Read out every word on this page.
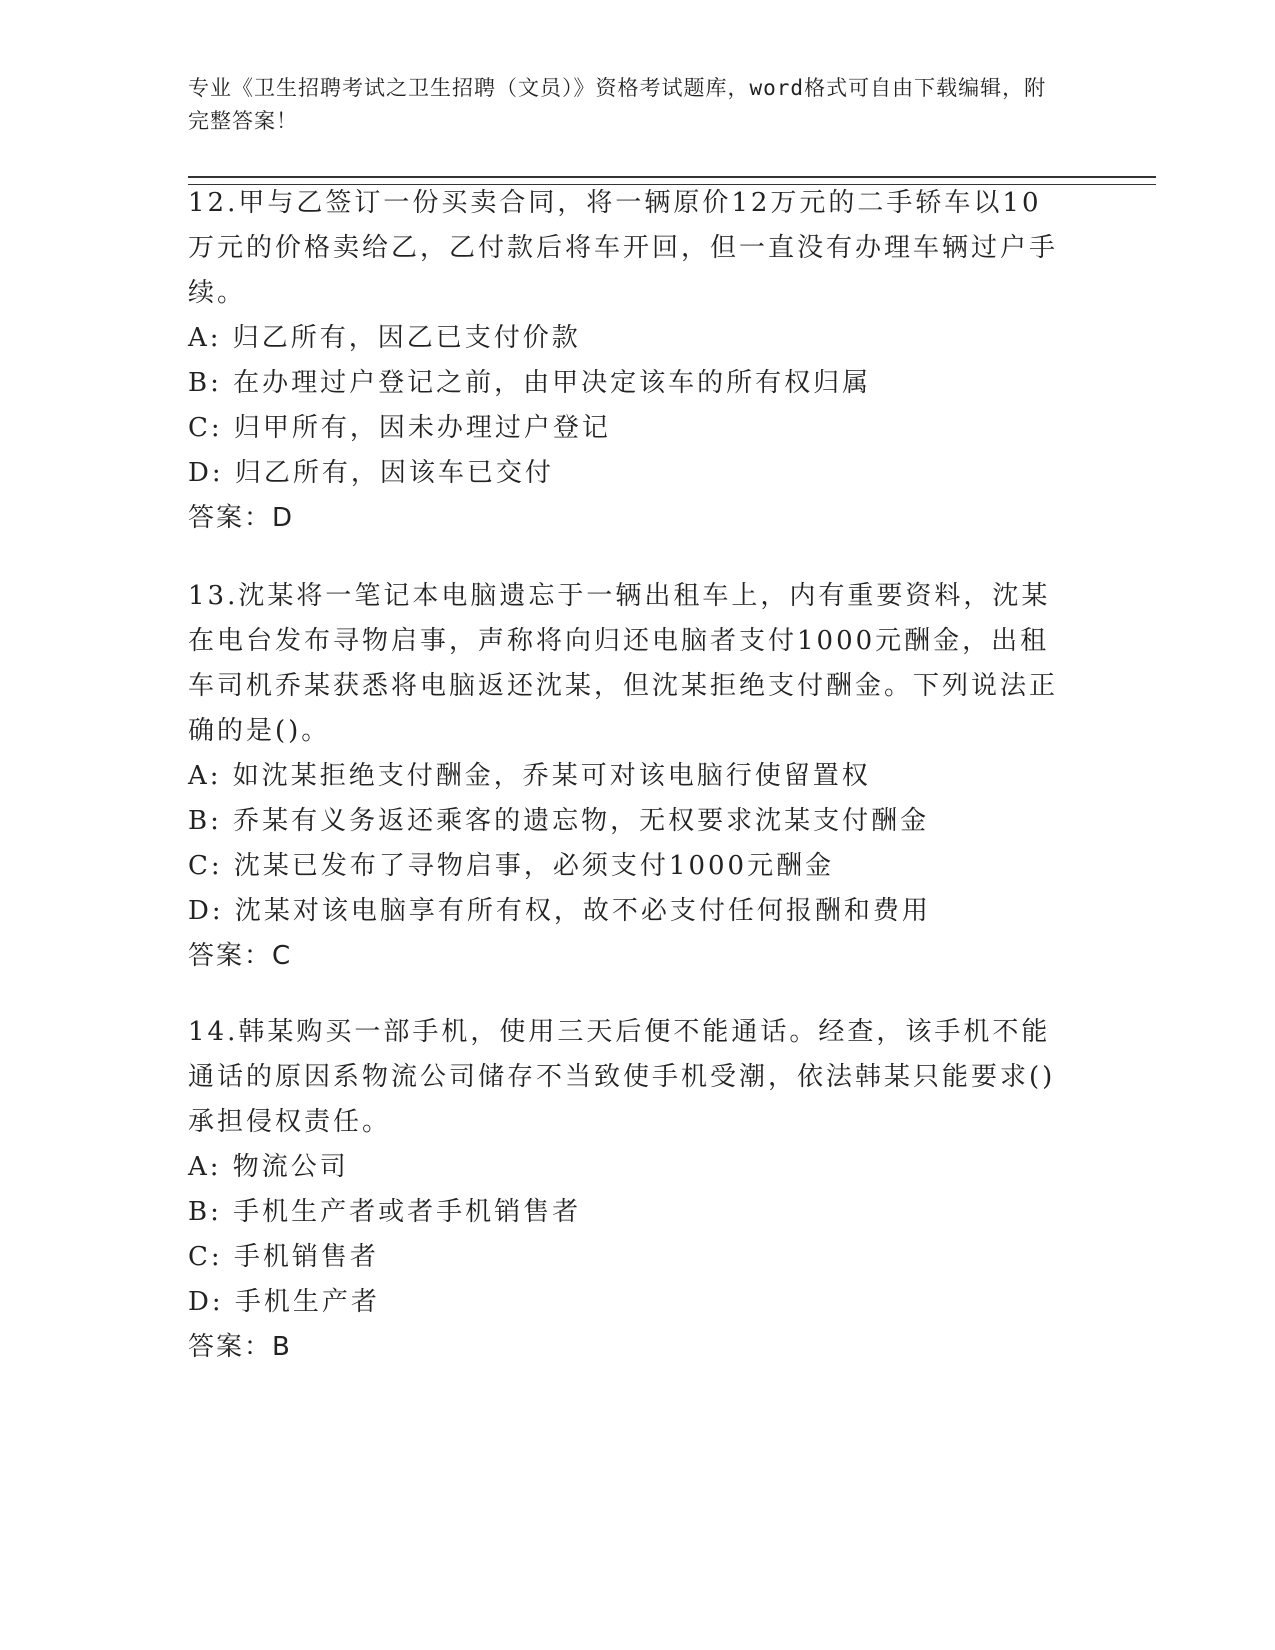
专业《卫生招聘考试之卫生招聘（文员）》资格考试题库，word格式可自由下载编辑，附完整答案！

12.甲与乙签订一份买卖合同，将一辆原价12万元的二手轿车以10万元的价格卖给乙，乙付款后将车开回，但一直没有办理车辆过户手续。

A: 归乙所有，因乙已支付价款

B: 在办理过户登记之前，由甲决定该车的所有权归属

C: 归甲所有，因未办理过户登记

D: 归乙所有，因该车已交付

答案：D

13.沈某将一笔记本电脑遗忘于一辆出租车上，内有重要资料，沈某在电台发布寻物启事，声称将向归还电脑者支付1000元酬金，出租车司机乔某获悉将电脑返还沈某，但沈某拒绝支付酬金。下列说法正确的是()。

A: 如沈某拒绝支付酬金，乔某可对该电脑行使留置权

B: 乔某有义务返还乘客的遗忘物，无权要求沈某支付酬金

C: 沈某已发布了寻物启事，必须支付1000元酬金

D: 沈某对该电脑享有所有权，故不必支付任何报酬和费用

答案：C

14.韩某购买一部手机，使用三天后便不能通话。经查，该手机不能通话的原因系物流公司储存不当致使手机受潮，依法韩某只能要求()承担侵权责任。

A: 物流公司

B: 手机生产者或者手机销售者

C: 手机销售者

D: 手机生产者

答案：B
